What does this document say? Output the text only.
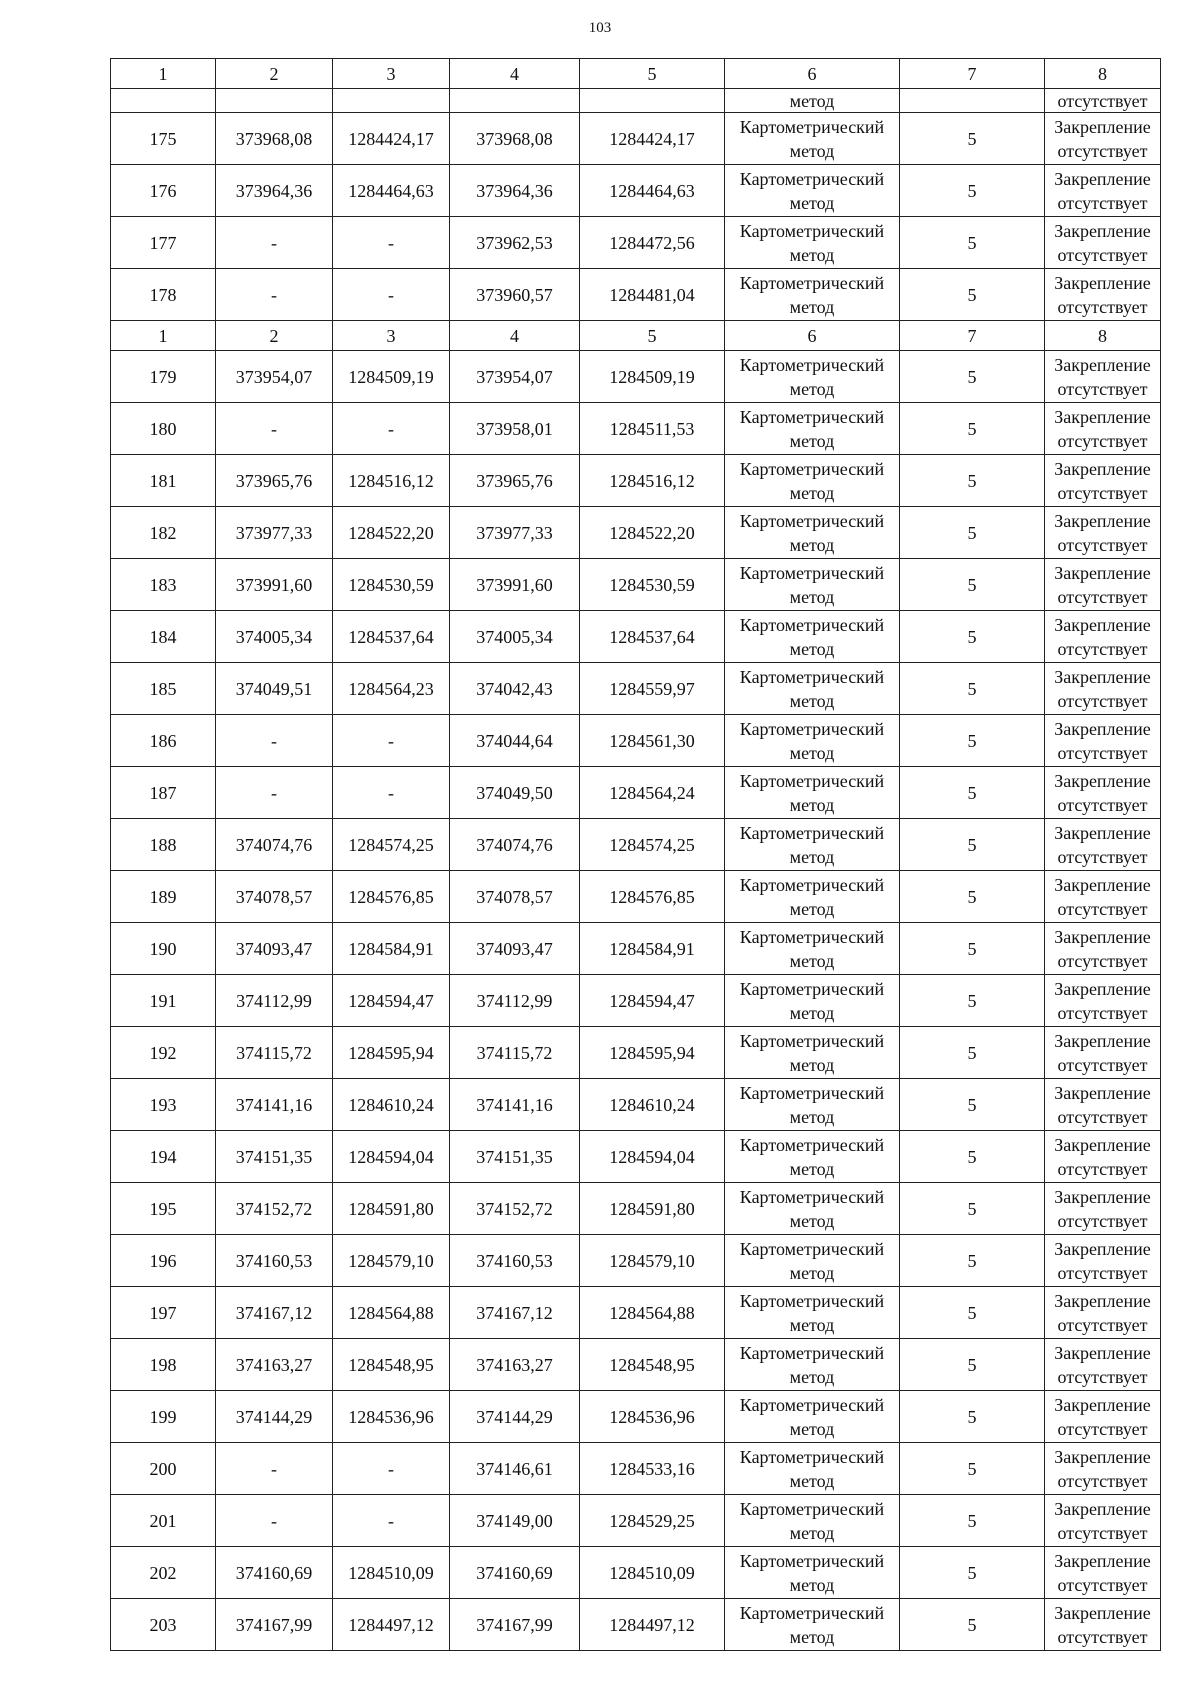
103
1	2	3	4	5	6	7	8
					метод		отсутствует
175	373968,08	1284424,17	373968,08	1284424,17	Картометрический
метод	5	Закрепление
отсутствует

176	373964,36	1284464,63	373964,36	1284464,63	Картометрический
метод	5	Закрепление
отсутствует

177	-	-	373962,53	1284472,56	Картометрический
метод	5	Закрепление
отсутствует

178	-	-	373960,57	1284481,04	Картометрический
метод	5	Закрепление
отсутствует

1	2	3	4	5	6	7	8
179	373954,07	1284509,19	373954,07	1284509,19	Картометрический
метод	5	Закрепление
отсутствует

180	-	-	373958,01	1284511,53	Картометрический
метод	5	Закрепление
отсутствует

181	373965,76	1284516,12	373965,76	1284516,12	Картометрический
метод	5	Закрепление
отсутствует

182	373977,33	1284522,20	373977,33	1284522,20	Картометрический
метод	5	Закрепление
отсутствует

183	373991,60	1284530,59	373991,60	1284530,59	Картометрический
метод	5	Закрепление
отсутствует

184	374005,34	1284537,64	374005,34	1284537,64	Картометрический
метод	5	Закрепление
отсутствует

185	374049,51	1284564,23	374042,43	1284559,97	Картометрический
метод	5	Закрепление
отсутствует

186	-	-	374044,64	1284561,30	Картометрический
метод	5	Закрепление
отсутствует

187	-	-	374049,50	1284564,24	Картометрический
метод	5	Закрепление
отсутствует

188	374074,76	1284574,25	374074,76	1284574,25	Картометрический
метод	5	Закрепление
отсутствует

189	374078,57	1284576,85	374078,57	1284576,85	Картометрический
метод	5	Закрепление
отсутствует

190	374093,47	1284584,91	374093,47	1284584,91	Картометрический
метод	5	Закрепление
отсутствует

191	374112,99	1284594,47	374112,99	1284594,47	Картометрический
метод	5	Закрепление
отсутствует

192	374115,72	1284595,94	374115,72	1284595,94	Картометрический
метод	5	Закрепление
отсутствует

193	374141,16	1284610,24	374141,16	1284610,24	Картометрический
метод	5	Закрепление
отсутствует

194	374151,35	1284594,04	374151,35	1284594,04	Картометрический
метод	5	Закрепление
отсутствует

195	374152,72	1284591,80	374152,72	1284591,80	Картометрический
метод	5	Закрепление
отсутствует

196	374160,53	1284579,10	374160,53	1284579,10	Картометрический
метод	5	Закрепление
отсутствует

197	374167,12	1284564,88	374167,12	1284564,88	Картометрический
метод	5	Закрепление
отсутствует

198	374163,27	1284548,95	374163,27	1284548,95	Картометрический
метод	5	Закрепление
отсутствует

199	374144,29	1284536,96	374144,29	1284536,96	Картометрический
метод	5	Закрепление
отсутствует

200	-	-	374146,61	1284533,16	Картометрический
метод	5	Закрепление
отсутствует

201	-	-	374149,00	1284529,25	Картометрический
метод	5	Закрепление
отсутствует

202	374160,69	1284510,09	374160,69	1284510,09	Картометрический
метод	5	Закрепление
отсутствует

203	374167,99	1284497,12	374167,99	1284497,12	Картометрический
метод	5	Закрепление
отсутствует
